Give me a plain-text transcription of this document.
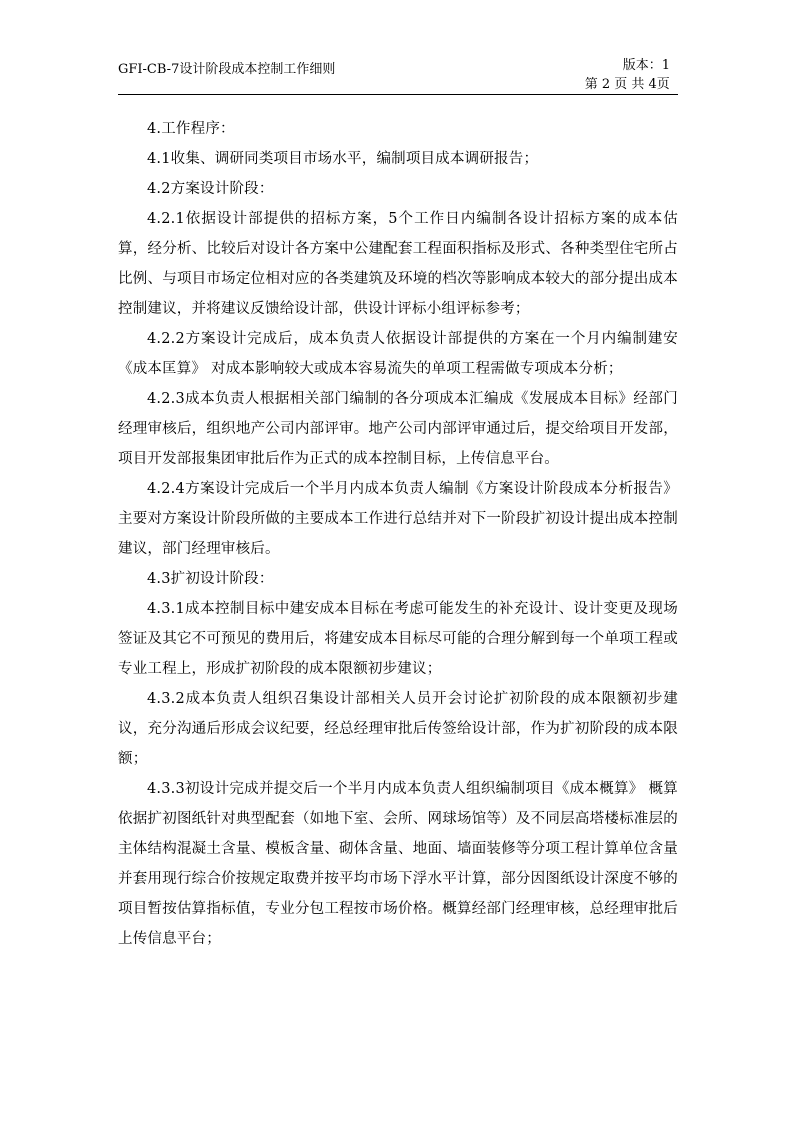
GFI-CB-7设计阶段成本控制工作细则	版本：1
第 2 页 共 4页

4.工作程序：

4.1收集、调研同类项目市场水平，编制项目成本调研报告；

4.2方案设计阶段：

4.2.1依据设计部提供的招标方案，5个工作日内编制各设计招标方案的成本估算，经分析、比较后对设计各方案中公建配套工程面积指标及形式、各种类型住宅所占比例、与项目市场定位相对应的各类建筑及环境的档次等影响成本较大的部分提出成本控制建议，并将建议反馈给设计部，供设计评标小组评标参考；

4.2.2方案设计完成后，成本负责人依据设计部提供的方案在一个月内编制建安《成本匡算》 对成本影响较大或成本容易流失的单项工程需做专项成本分析；

4.2.3成本负责人根据相关部门编制的各分项成本汇编成《发展成本目标》经部门经理审核后，组织地产公司内部评审。地产公司内部评审通过后，提交给项目开发部，项目开发部报集团审批后作为正式的成本控制目标，上传信息平台。

4.2.4方案设计完成后一个半月内成本负责人编制《方案设计阶段成本分析报告》 主要对方案设计阶段所做的主要成本工作进行总结并对下一阶段扩初设计提出成本控制建议，部门经理审核后。

4.3扩初设计阶段：

4.3.1成本控制目标中建安成本目标在考虑可能发生的补充设计、设计变更及现场签证及其它不可预见的费用后，将建安成本目标尽可能的合理分解到每一个单项工程或专业工程上，形成扩初阶段的成本限额初步建议；

4.3.2成本负责人组织召集设计部相关人员开会讨论扩初阶段的成本限额初步建议，充分沟通后形成会议纪要，经总经理审批后传签给设计部，作为扩初阶段的成本限额；

4.3.3初设计完成并提交后一个半月内成本负责人组织编制项目《成本概算》 概算依据扩初图纸针对典型配套（如地下室、会所、网球场馆等）及不同层高塔楼标准层的主体结构混凝土含量、模板含量、砌体含量、地面、墙面装修等分项工程计算单位含量并套用现行综合价按规定取费并按平均市场下浮水平计算，部分因图纸设计深度不够的项目暂按估算指标值，专业分包工程按市场价格。概算经部门经理审核，总经理审批后上传信息平台；
